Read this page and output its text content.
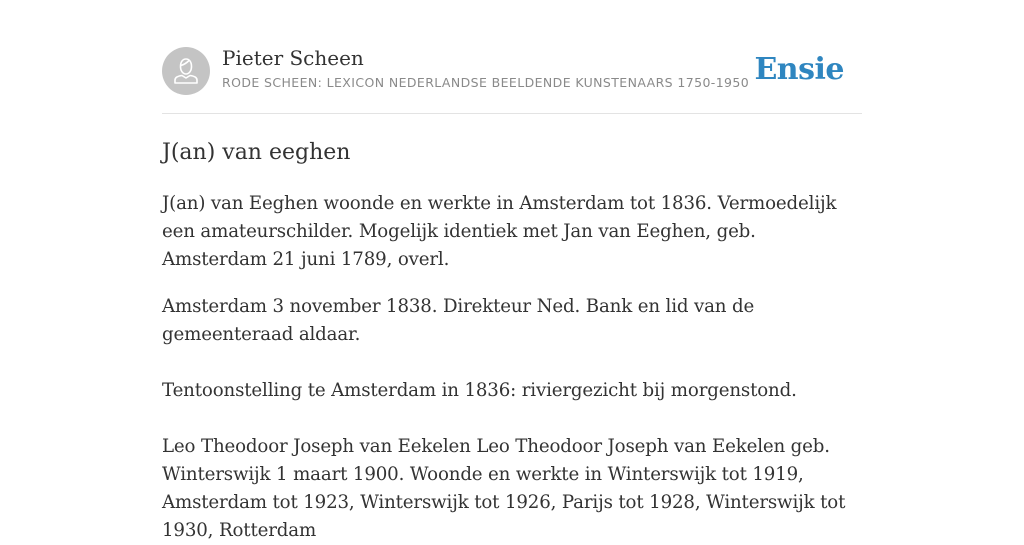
Pieter Scheen
RODE SCHEEN: LEXICON NEDERLANDSE BEELDENDE KUNSTENAARS 1750-1950 Ensie
J(an) van eeghen

J(an) van Eeghen woonde en werkte in Amsterdam tot 1836. Vermoedelijk een amateurschilder. Mogelijk identiek met Jan van Eeghen, geb. Amsterdam 21 juni 1789, overl.

Amsterdam 3 november 1838. Direkteur Ned. Bank en lid van de gemeenteraad aldaar.

Tentoonstelling te Amsterdam in 1836: riviergezicht bij morgenstond.

Leo Theodoor Joseph van Eekelen Leo Theodoor Joseph van Eekelen geb. Winterswijk 1 maart 1900. Woonde en werkte in Winterswijk tot 1919, Amsterdam tot 1923, Winterswijk tot 1926, Parijs tot 1928, Winterswijk tot 1930, Rotterdam
